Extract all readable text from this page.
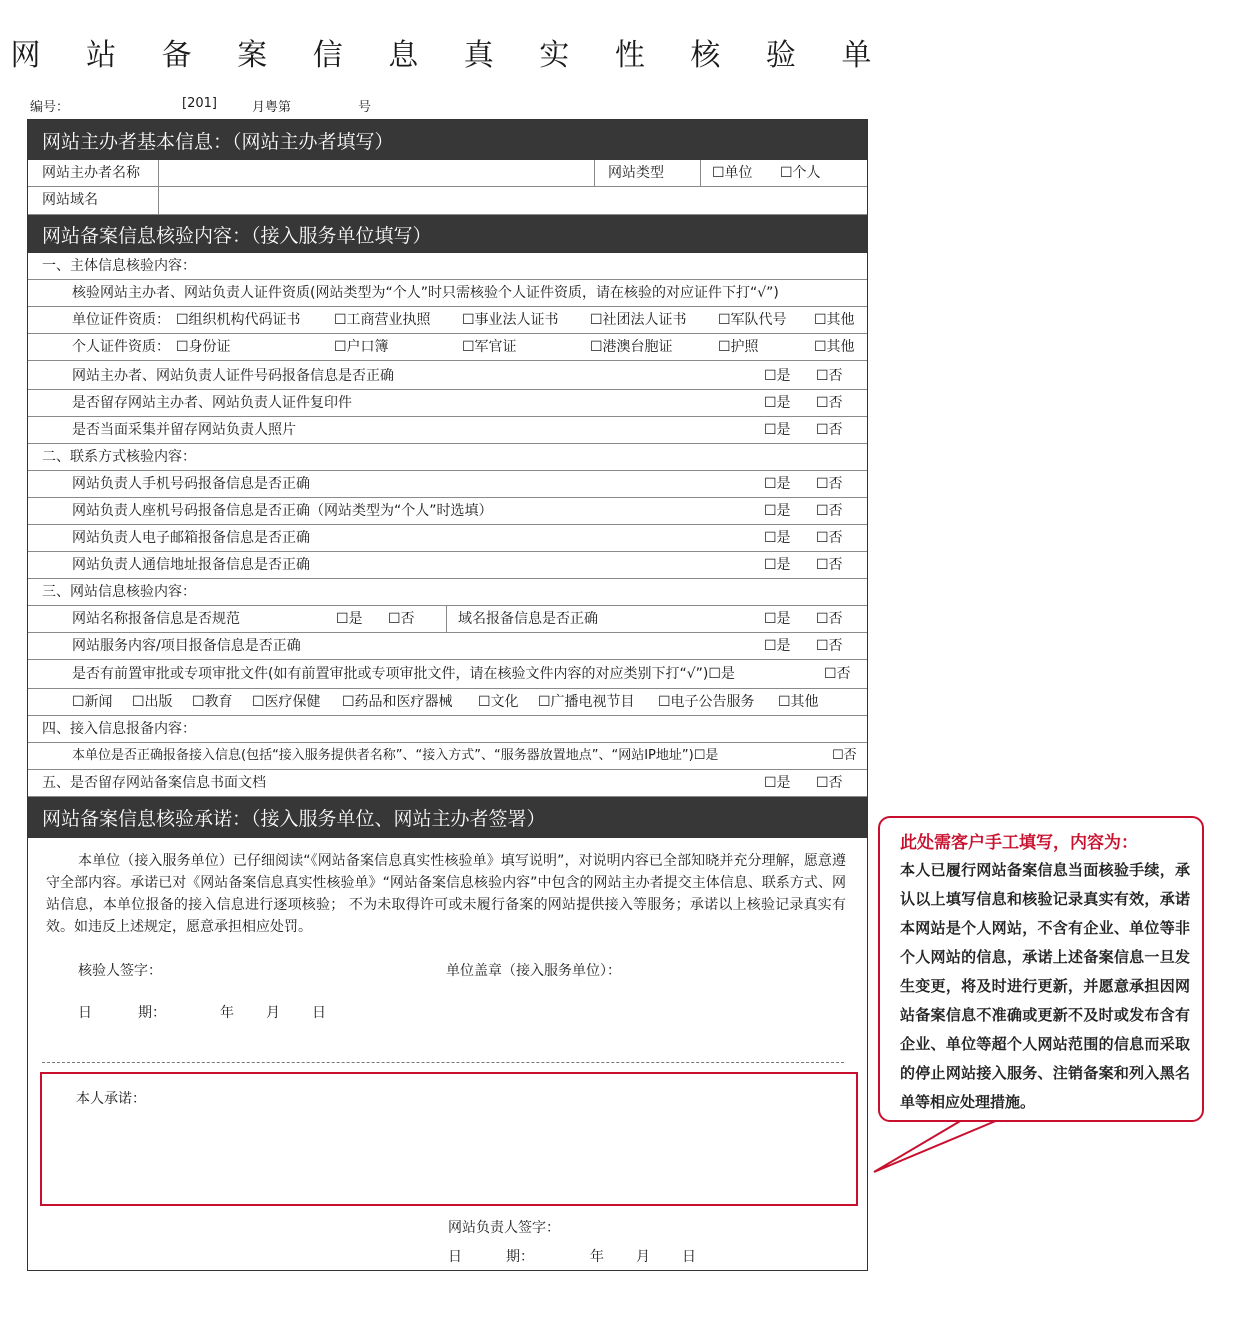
网 站 备 案 信 息 真 实 性 核 验 单
编号：	[201]	月粤第	号
网站主办者基本信息：（网站主办者填写）
网站主办者名称	网站类型	☐单位 ☐个人
网站域名
网站备案信息核验内容：（接入服务单位填写）
一、主体信息核验内容：
核验网站主办者、网站负责人证件资质(网站类型为“个人”时只需核验个人证件资质，请在核验的对应证件下打“√”)
单位证件资质： ☐组织机构代码证书 ☐工商营业执照 ☐事业法人证书 ☐社团法人证书 ☐军队代号 ☐其他
个人证件资质： ☐身份证	☐户口簿	☐军官证	☐港澳台胞证	☐护照	☐其他
网站主办者、网站负责人证件号码报备信息是否正确	☐是 ☐否
是否留存网站主办者、网站负责人证件复印件	☐是 ☐否
是否当面采集并留存网站负责人照片	☐是 ☐否
二、联系方式核验内容：
网站负责人手机号码报备信息是否正确	☐是 ☐否
网站负责人座机号码报备信息是否正确（网站类型为“个人”时选填）	☐是 ☐否
网站负责人电子邮箱报备信息是否正确	☐是 ☐否
网站负责人通信地址报备信息是否正确	☐是 ☐否
三、网站信息核验内容：
网站名称报备信息是否规范	☐是 ☐否	域名报备信息是否正确	☐是 ☐否
网站服务内容/项目报备信息是否正确	☐是 ☐否
是否有前置审批或专项审批文件(如有前置审批或专项审批文件，请在核验文件内容的对应类别下打“√”)☐是	☐否
☐新闻 ☐出版 ☐教育 ☐医疗保健 ☐药品和医疗器械 ☐文化 ☐广播电视节目 ☐电子公告服务 ☐其他
四、接入信息报备内容：
本单位是否正确报备接入信息(包括“接入服务提供者名称”、“接入方式”、“服务器放置地点”、“网站IP地址”)☐是	☐否
五、是否留存网站备案信息书面文档	☐是 ☐否
网站备案信息核验承诺：（接入服务单位、网站主办者签署）
本单位（接入服务单位）已仔细阅读“《网站备案信息真实性核验单》填写说明”，对说明内容已全部知晓并充分理解，愿意遵守全部内容。承诺已对《网站备案信息真实性核验单》“网站备案信息核验内容”中包含的网站主办者提交主体信息、联系方式、网站信息，本单位报备的接入信息进行逐项核验； 不为未取得许可或未履行备案的网站提供接入等服务；承诺以上核验记录真实有效。如违反上述规定，愿意承担相应处罚。
核验人签字：	单位盖章（接入服务单位）：
日	期：	年 月 日
网站负责人签字：
日	期：	年 月 日
本人承诺：
此处需客户手工填写，内容为：
本人已履行网站备案信息当面核验手续，承认以上填写信息和核验记录真实有效，承诺本网站是个人网站，不含有企业、单位等非个人网站的信息，承诺上述备案信息一旦发生变更，将及时进行更新，并愿意承担因网站备案信息不准确或更新不及时或发布含有企业、单位等超个人网站范围的信息而采取的停止网站接入服务、注销备案和列入黑名单等相应处理措施。
